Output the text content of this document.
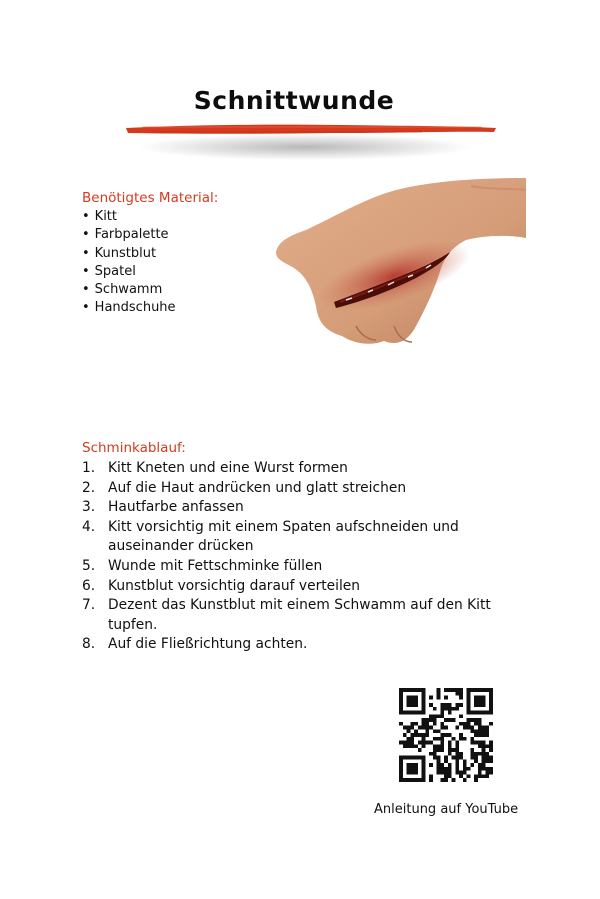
Schnittwunde
Benötigtes Material:
• Kitt
• Farbpalette
• Kunstblut
• Spatel
• Schwamm
• Handschuhe
Schminkablauf:
1. Kitt Kneten und eine Wurst formen
2. Auf die Haut andrücken und glatt streichen
3. Hautfarbe anfassen
4. Kitt vorsichtig mit einem Spaten aufschneiden und auseinander drücken
5. Wunde mit Fettschminke füllen
6. Kunstblut vorsichtig darauf verteilen
7. Dezent das Kunstblut mit einem Schwamm auf den Kitt tupfen.
8. Auf die Fließrichtung achten.
Anleitung auf YouTube
